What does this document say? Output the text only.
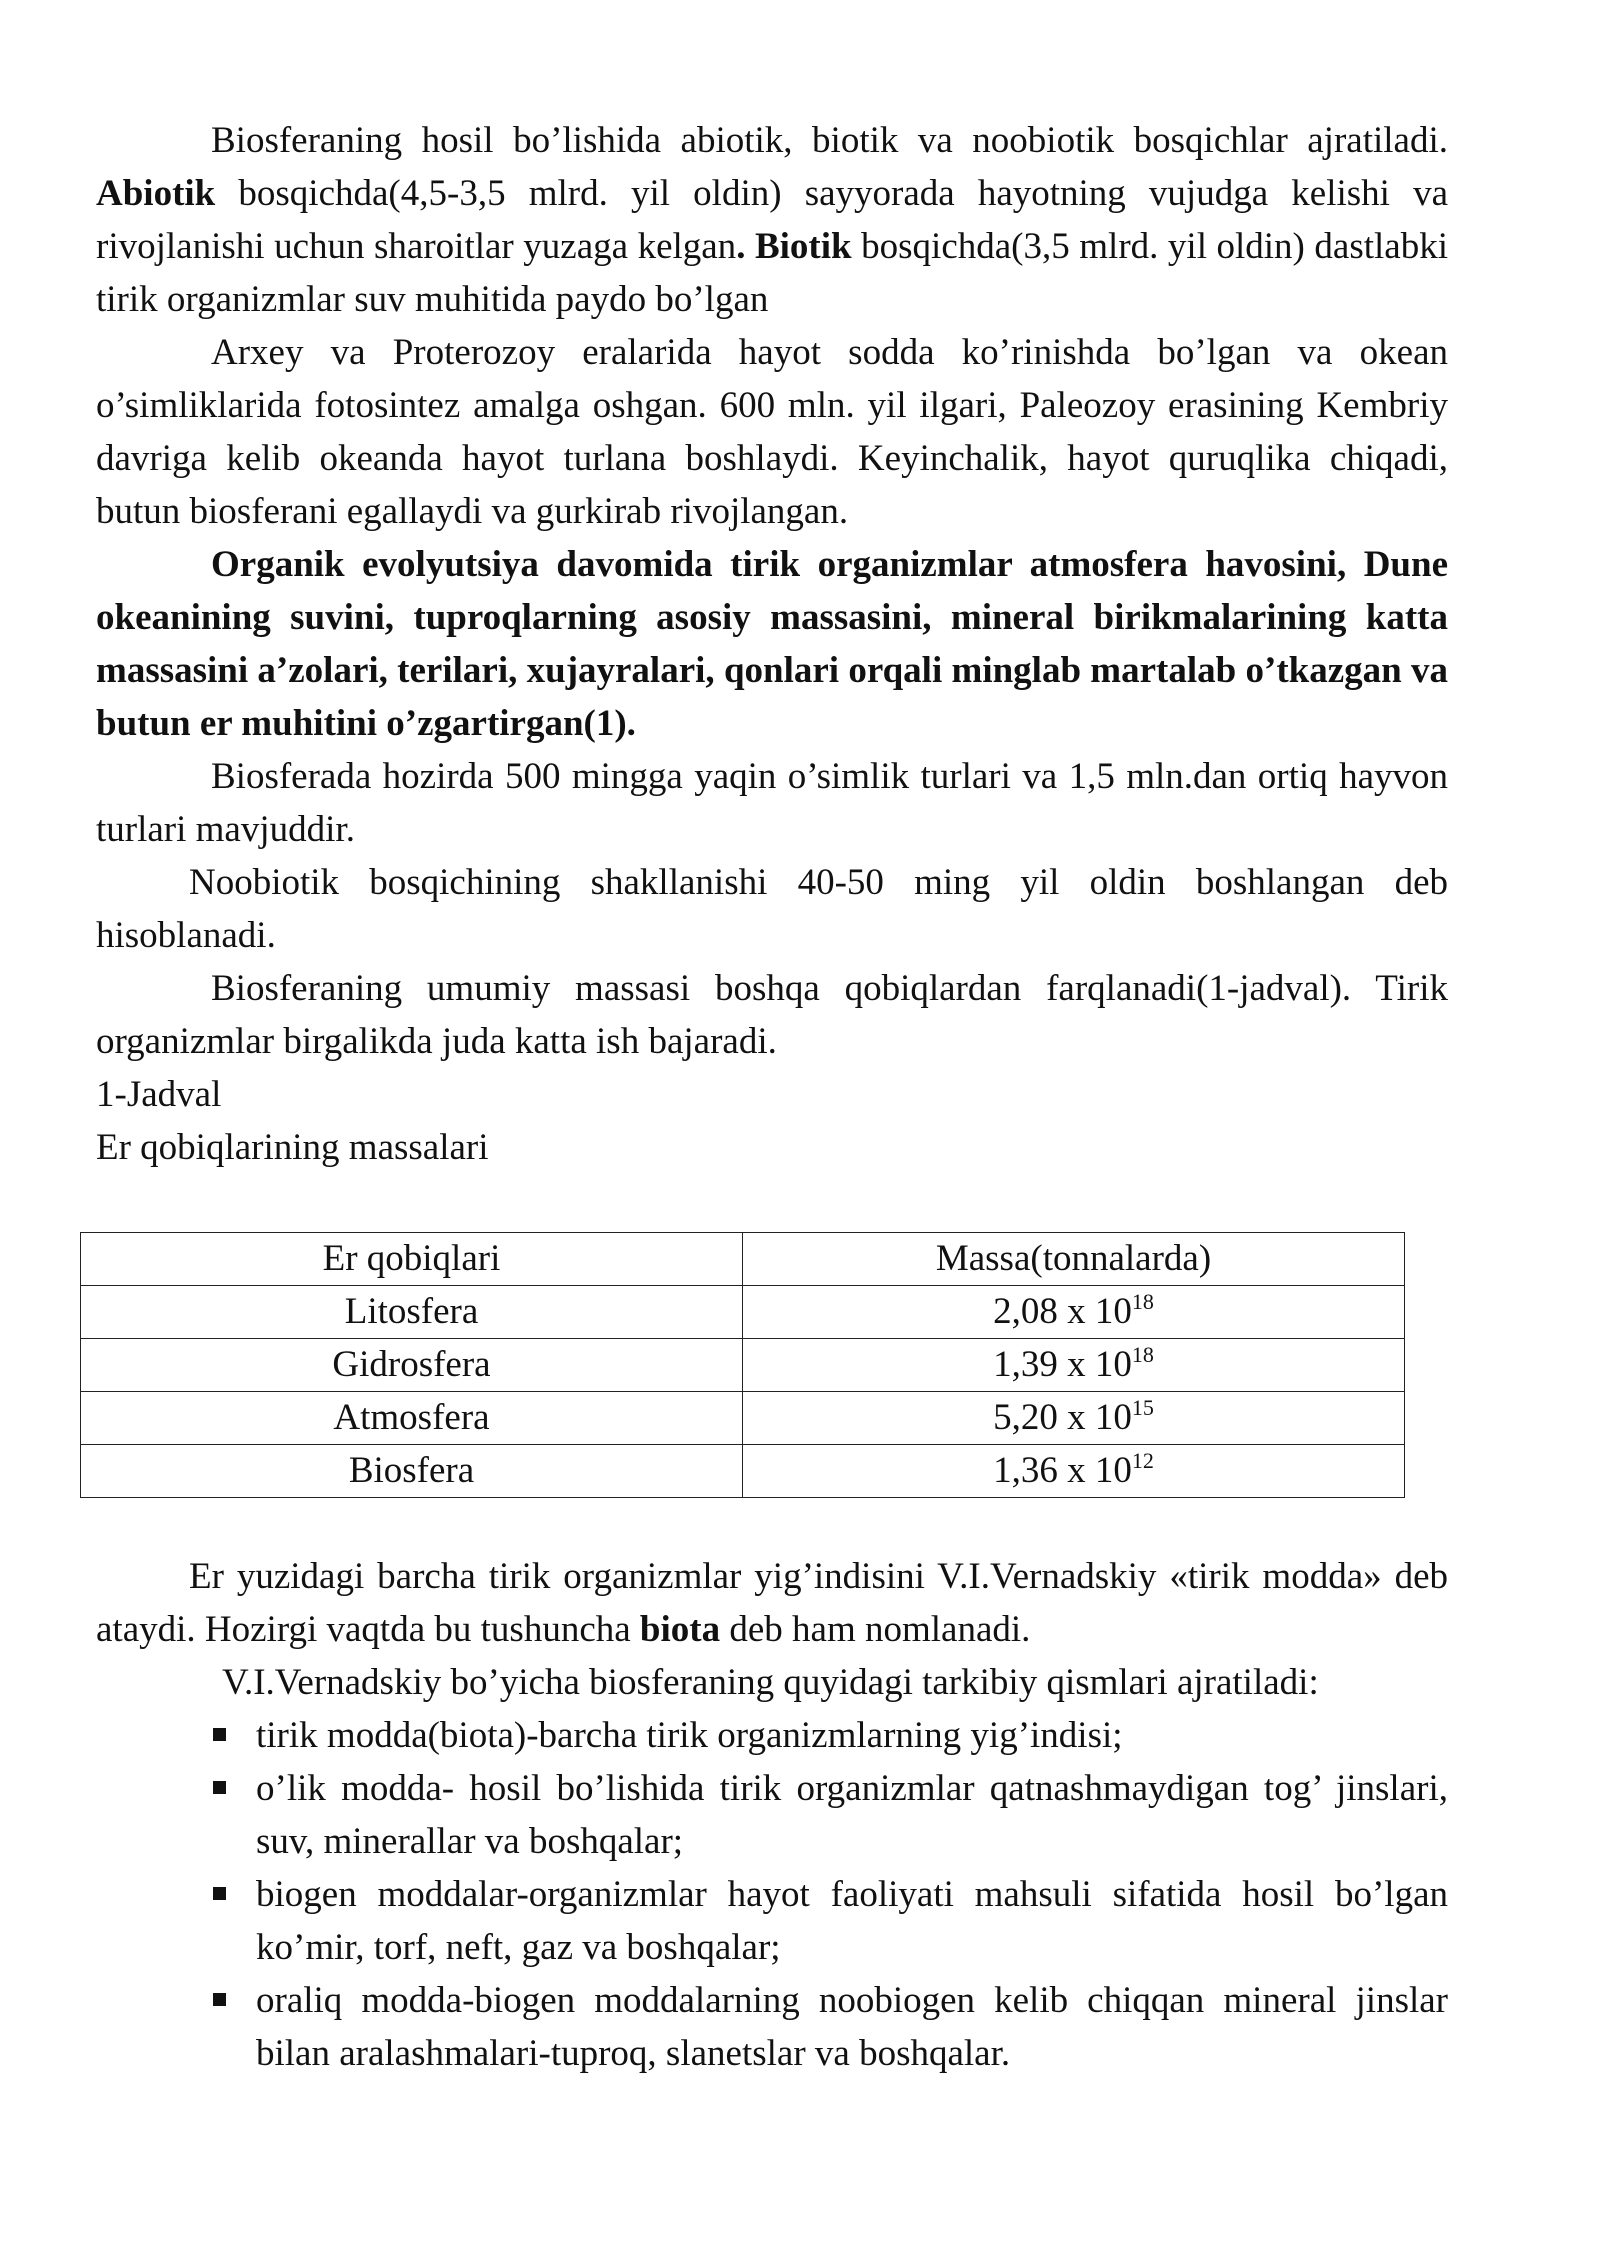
Biosferaning hosil bo’lishida abiotik, biotik va noobiotik bosqichlar ajratiladi. Abiotik bosqichda(4,5-3,5 mlrd. yil oldin) sayyorada hayotning vujudga kelishi va rivojlanishi uchun sharoitlar yuzaga kelgan. Biotik bosqichda(3,5 mlrd. yil oldin) dastlabki tirik organizmlar suv muhitida paydo bo’lgan

Arxey va Proterozoy eralarida hayot sodda ko’rinishda bo’lgan va okean o’simliklarida fotosintez amalga oshgan. 600 mln. yil ilgari, Paleozoy erasining Kembriy davriga kelib okeanda hayot turlana boshlaydi. Keyinchalik, hayot quruqlika chiqadi, butun biosferani egallaydi va gurkirab rivojlangan.

Organik evolyutsiya davomida tirik organizmlar atmosfera havosini, Dune okeanining suvini, tuproqlarning asosiy massasini, mineral birikmalarining katta massasini a’zolari, terilari, xujayralari, qonlari orqali minglab martalab o’tkazgan va butun er muhitini o’zgartirgan(1).

Biosferada hozirda 500 mingga yaqin o’simlik turlari va 1,5 mln.dan ortiq hayvon turlari mavjuddir.

Noobiotik bosqichining shakllanishi 40-50 ming yil oldin boshlangan deb hisoblanadi.

Biosferaning umumiy massasi boshqa qobiqlardan farqlanadi(1-jadval). Tirik organizmlar birgalikda juda katta ish bajaradi.

1-Jadval

Er qobiqlarining massalari

Er qobiqlari	Massa(tonnalarda)
Litosfera	2,08 x $10^{18}$
Gidrosfera	1,39 x $10^{18}$
Atmosfera	5,20 x $10^{15}$
Biosfera	1,36 x $10^{12}$

Er yuzidagi barcha tirik organizmlar yig’indisini V.I.Vernadskiy «tirik modda» deb ataydi. Hozirgi vaqtda bu tushuncha biota deb ham nomlanadi.

V.I.Vernadskiy bo’yicha biosferaning quyidagi tarkibiy qismlari ajratiladi:

tirik modda(biota)-barcha tirik organizmlarning yig’indisi;
o’lik modda- hosil bo’lishida tirik organizmlar qatnashmaydigan tog’ jinslari, suv, minerallar va boshqalar;
biogen moddalar-organizmlar hayot faoliyati mahsuli sifatida hosil bo’lgan ko’mir, torf, neft, gaz va boshqalar;
oraliq modda-biogen moddalarning noobiogen kelib chiqqan mineral jinslar bilan aralashmalari-tuproq, slanetslar va boshqalar.
